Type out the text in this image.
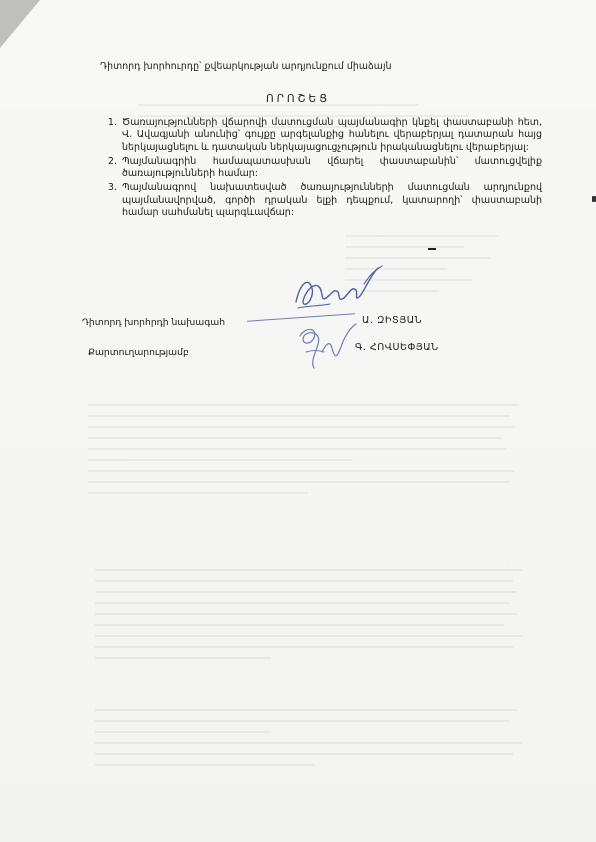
Դիտորդ խորհուրդը՝ քվեարկության արդյունքում միաձայն
ՈՐՈՇԵՑ
1. Ծառայությունների վճարովի մատուցման պայմանագիր կնքել փաստաբանի հետ, Վ. Ավագյանի անունից՝ գույքը արգելանքից հանելու վերաբերյալ դատարան հայց ներկայացնելու և դատական ներկայացուցչություն իրականացնելու վերաբերյալ:
2. Պայմանագրին համապատասխան վճարել փաստաբանին՝ մատուցվելիք ծառայությունների համար:
3. Պայմանագրով նախատեսված ծառայությունների մատուցման արդյունքով պայմանավորված, գործի դրական ելքի դեպքում, կատարողի՝ փաստաբանի համար սահմանել պարգևավճար:
Դիտորդ խորհրդի նախագահ	Ա. ԶԻՏՅԱՆ
Քարտուղարությամբ	Գ. ՀՈՎՍԵՓՅԱՆ
